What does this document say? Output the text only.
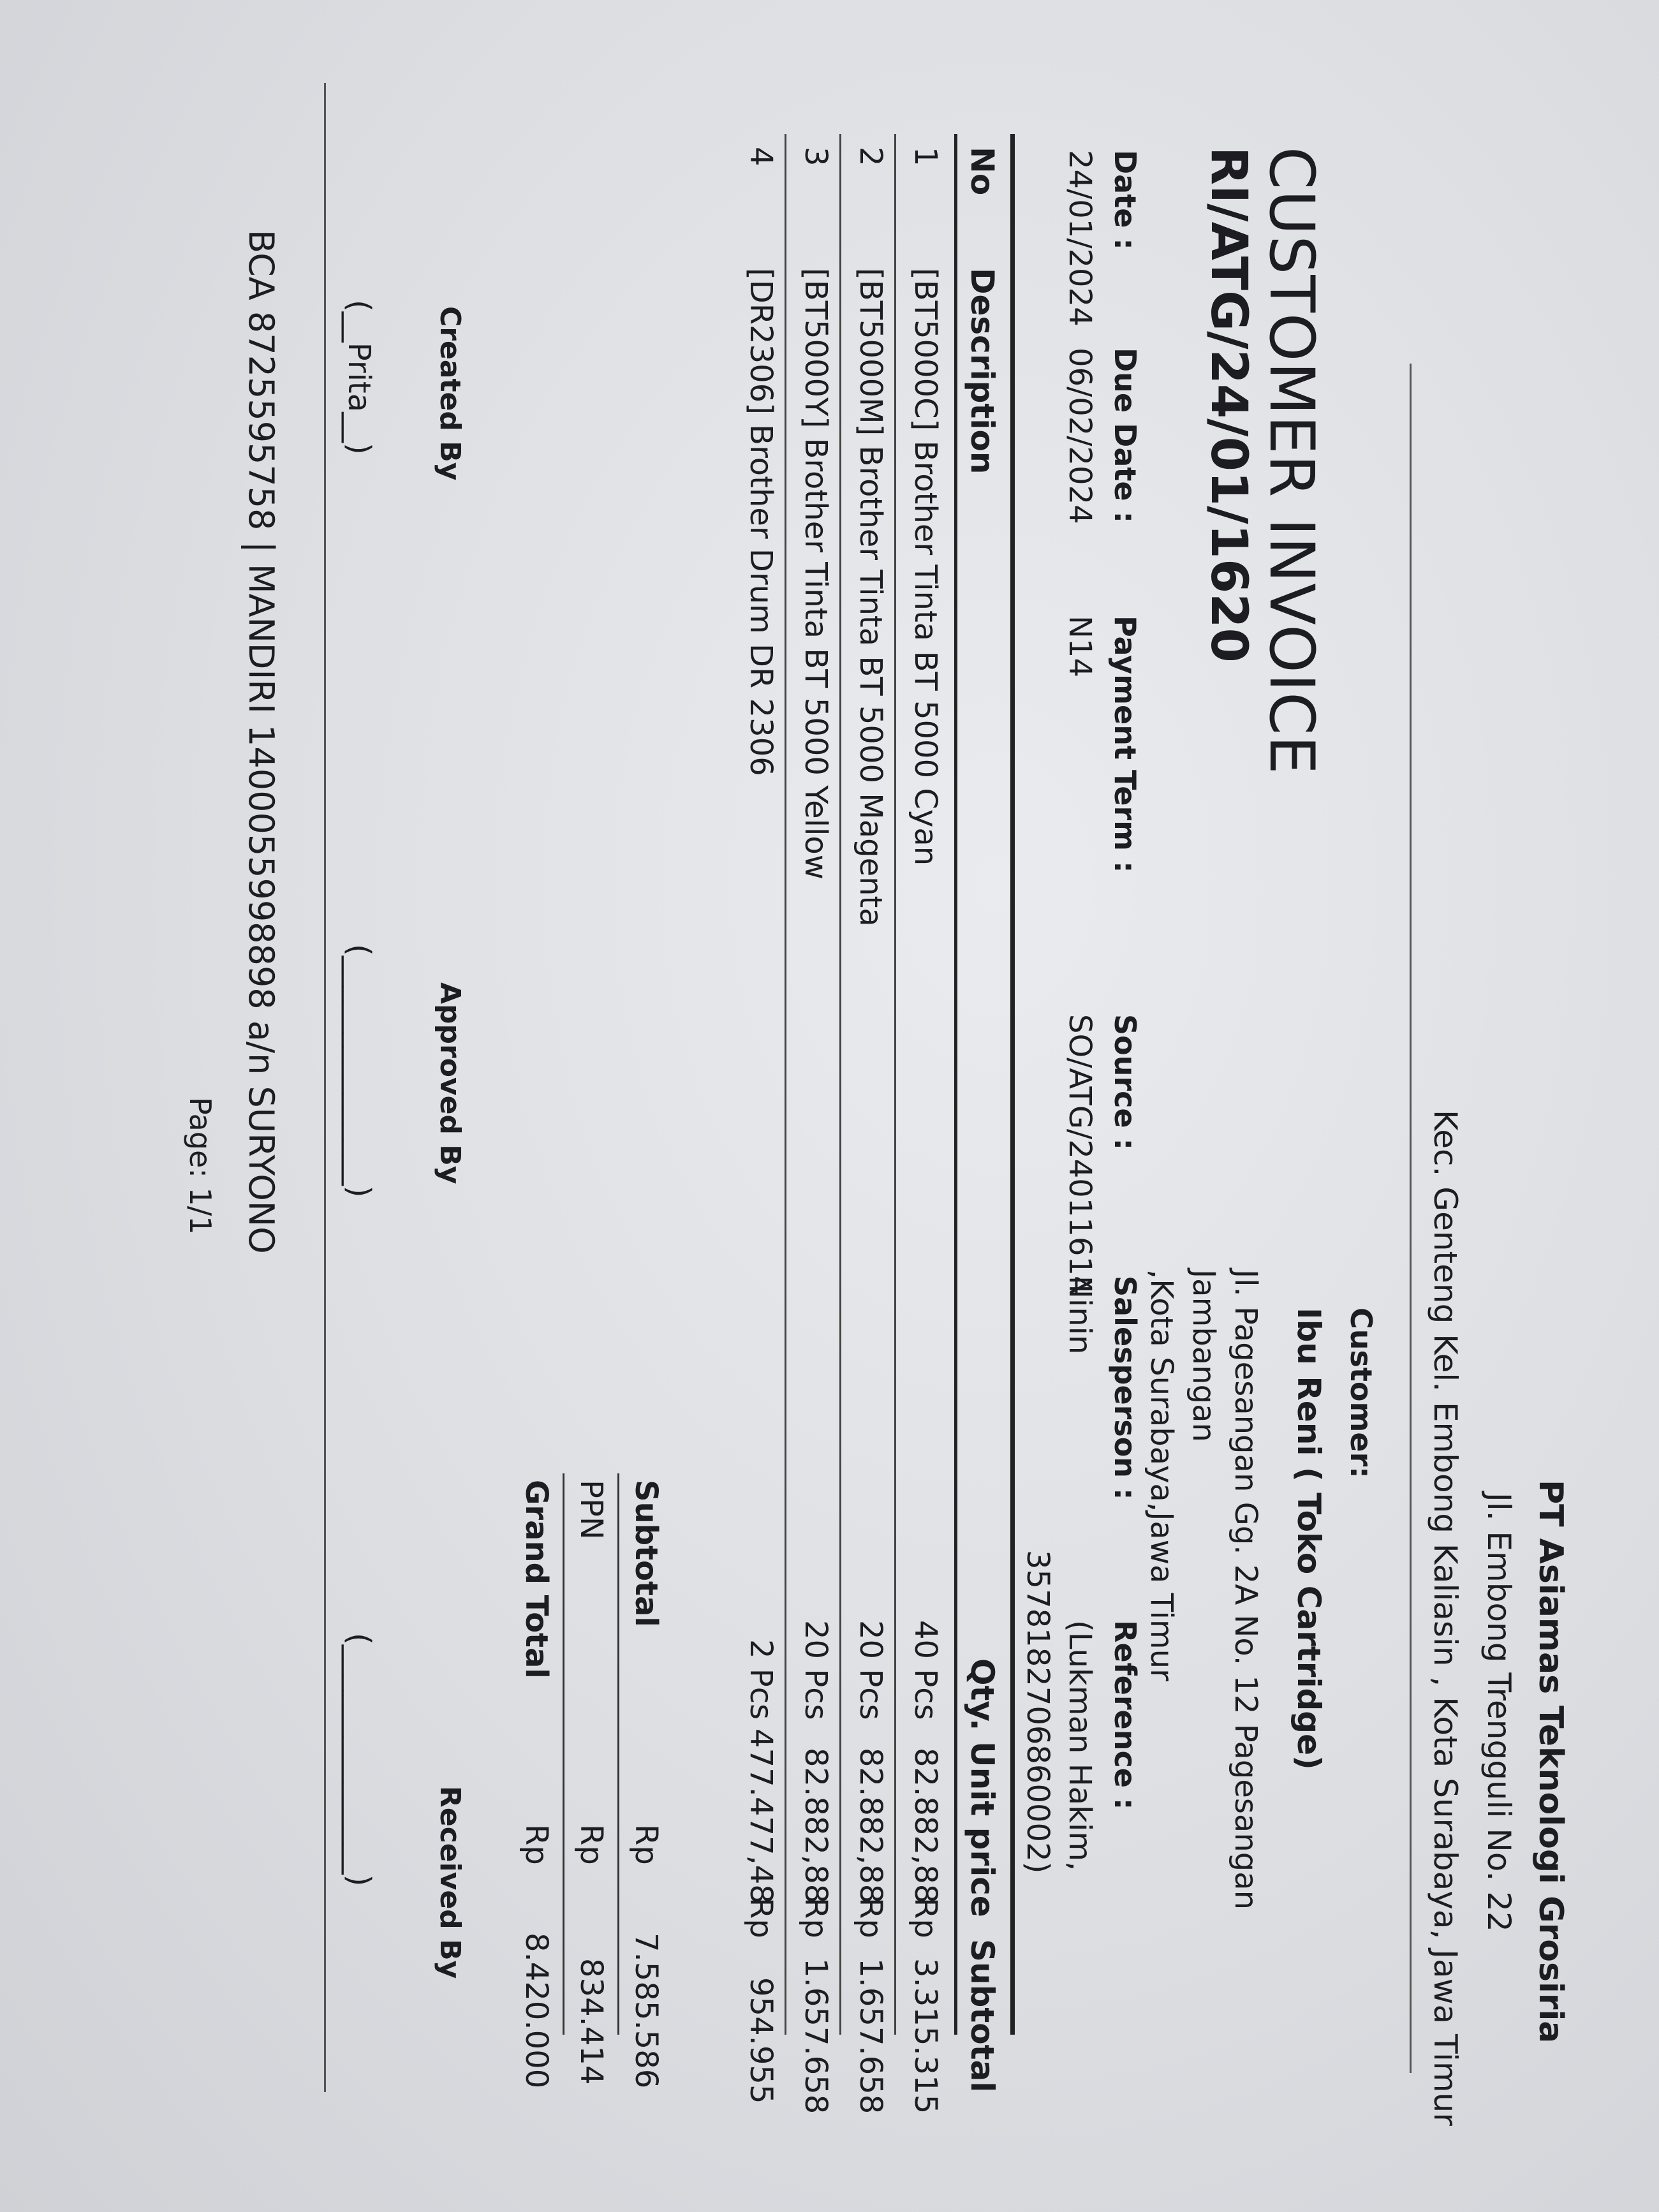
PT Asiamas Teknologi Grosiria
Jl. Embong Trengguli No. 22
Kec. Genteng Kel. Embong Kaliasin , Kota Surabaya, Jawa Timur
CUSTOMER INVOICE
RI/ATG/24/01/1620
Customer:
Ibu Reni ( Toko Cartridge)
Jl. Pagesangan Gg. 2A No. 12 Pagesangan
Jambangan
,Kota Surabaya,Jawa Timur
Date :
24/01/2024
Due Date :
06/02/2024
Payment Term :
N14
Source :
SO/ATG/24011614
Salesperson :
Ninin
Reference :
(Lukman Hakim,
3578182706860002)
No
Description
Qty.
Unit price
Subtotal
1
[BT5000C] Brother Tinta BT 5000 Cyan
40 Pcs
82.882,88
Rp
3.315.315
2
[BT5000M] Brother Tinta BT 5000 Magenta
20 Pcs
82.882,88
Rp
1.657.658
3
[BT5000Y] Brother Tinta BT 5000 Yellow
20 Pcs
82.882,88
Rp
1.657.658
4
[DR2306] Brother Drum DR 2306
2 Pcs
477.477,48
Rp
954.955
Subtotal
Rp
7.585.586
PPN
Rp
834.414
Grand Total
Rp
8.420.000
Created By
Approved By
Received By
(__Prita__)
(_______________)
(_______________)
BCA 8725595758 | MANDIRI 1400055998898 a/n SURYONO
Page: 1/1
